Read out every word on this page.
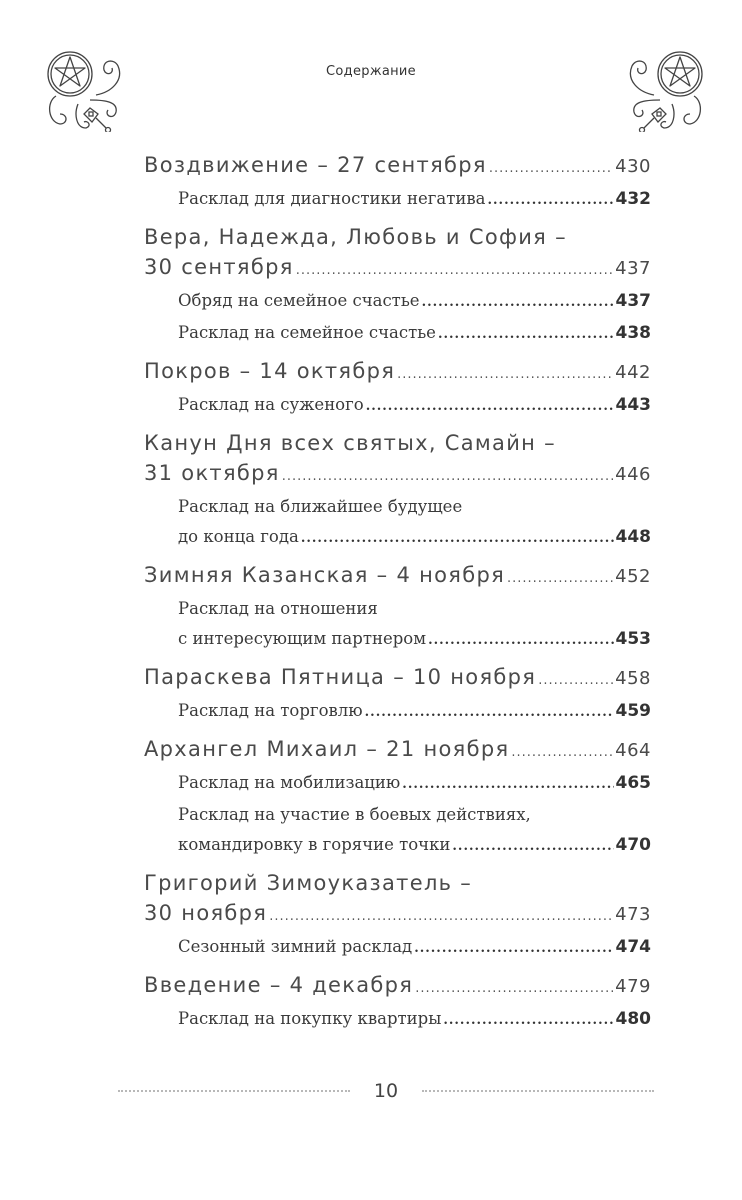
Содержание
Воздвижение – 27 сентября .....	430
Расклад для диагностики негатива .....	432
Вера, Надежда, Любовь и София –
30 сентября .....	437
Обряд на семейное счастье .....	437
Расклад на семейное счастье .....	438
Покров – 14 октября .....	442
Расклад на суженого .....	443
Канун Дня всех святых, Самайн –
31 октября .....	446
Расклад на ближайшее будущее
до конца года .....	448
Зимняя Казанская – 4 ноября .....	452
Расклад на отношения
с интересующим партнером .....	453
Параскева Пятница – 10 ноября .....	458
Расклад на торговлю .....	459
Архангел Михаил – 21 ноября .....	464
Расклад на мобилизацию .....	465
Расклад на участие в боевых действиях,
командировку в горячие точки .....	470
Григорий Зимоуказатель –
30 ноября .....	473
Сезонный зимний расклад .....	474
Введение – 4 декабря .....	479
Расклад на покупку квартиры .....	480
10
